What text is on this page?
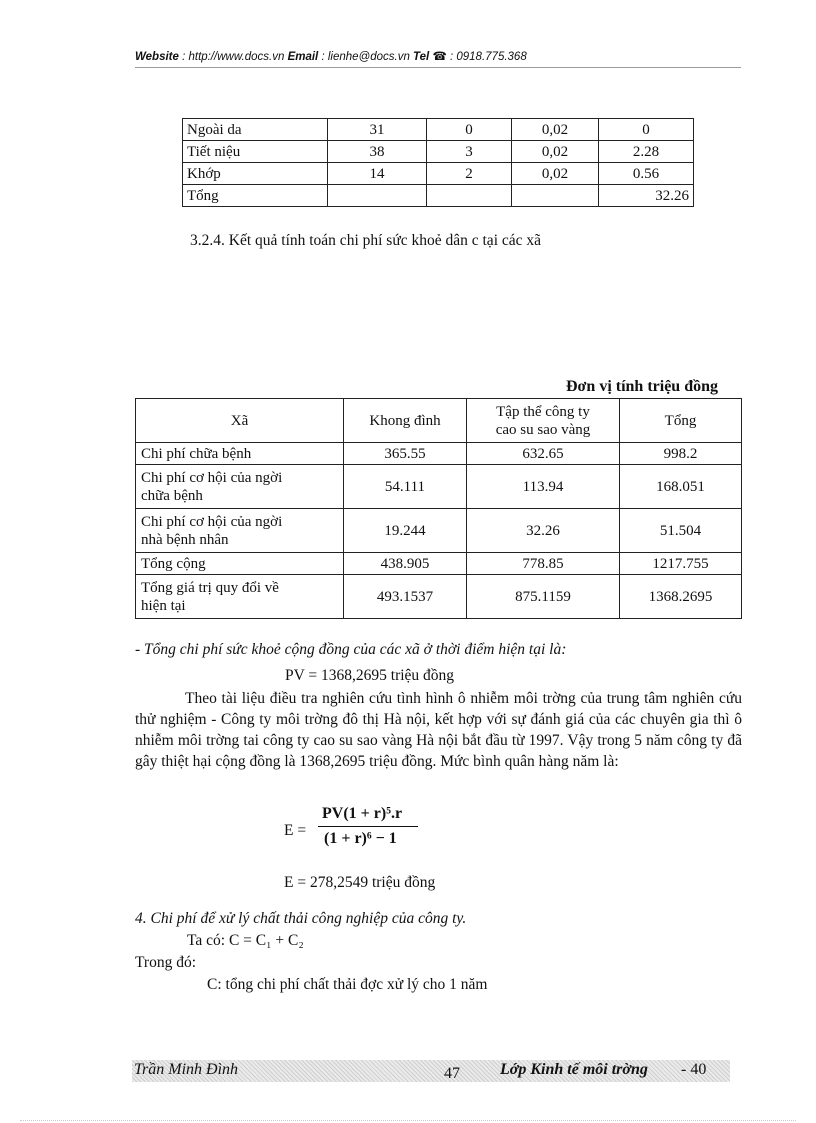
Website : http://www.docs.vn Email : lienhe@docs.vn Tel ☎ : 0918.775.368
Ngoài da	31	0	0,02	0
Tiết niệu	38	3	0,02	2.28
Khớp	14	2	0,02	0.56
Tổng				32.26
3.2.4. Kết quả tính toán chi phí sức khoẻ dân c tại các xã
Đơn vị tính triệu đồng
Xã	Khong đình	Tập thể công ty
cao su sao vàng	Tổng
Chi phí chữa bệnh	365.55	632.65	998.2
Chi phí cơ hội của ngời
chữa bệnh	54.111	113.94	168.051
Chi phí cơ hội của ngời
nhà bệnh nhân	19.244	32.26	51.504
Tổng cộng	438.905	778.85	1217.755
Tổng giá trị quy đổi về
hiện tại	493.1537	875.1159	1368.2695
- Tổng chi phí sức khoẻ cộng đồng của các xã ở thời điểm hiện tại là:
PV = 1368,2695 triệu đồng
Theo tài liệu điều tra nghiên cứu tình hình ô nhiễm môi trờng của trung tâm nghiên cứu thử nghiệm - Công ty môi trờng đô thị Hà nội, kết hợp với sự đánh giá của các chuyên gia thì ô nhiễm môi trờng tai công ty cao su sao vàng Hà nội bắt đầu từ 1997. Vậy trong 5 năm công ty đã gây thiệt hại cộng đồng là 1368,2695 triệu đồng. Mức bình quân hàng năm là:
E =
PV(1 + r)⁵.r
(1 + r)⁶ − 1
E = 278,2549 triệu đồng
4. Chi phí để xử lý chất thải công nghiệp của công ty.
Ta có: C = C₁ + C₂
Trong đó:
C: tổng chi phí chất thải đợc xử lý cho 1 năm
Trần Minh Đình	47	Lớp Kinh tế môi trờng - 40
